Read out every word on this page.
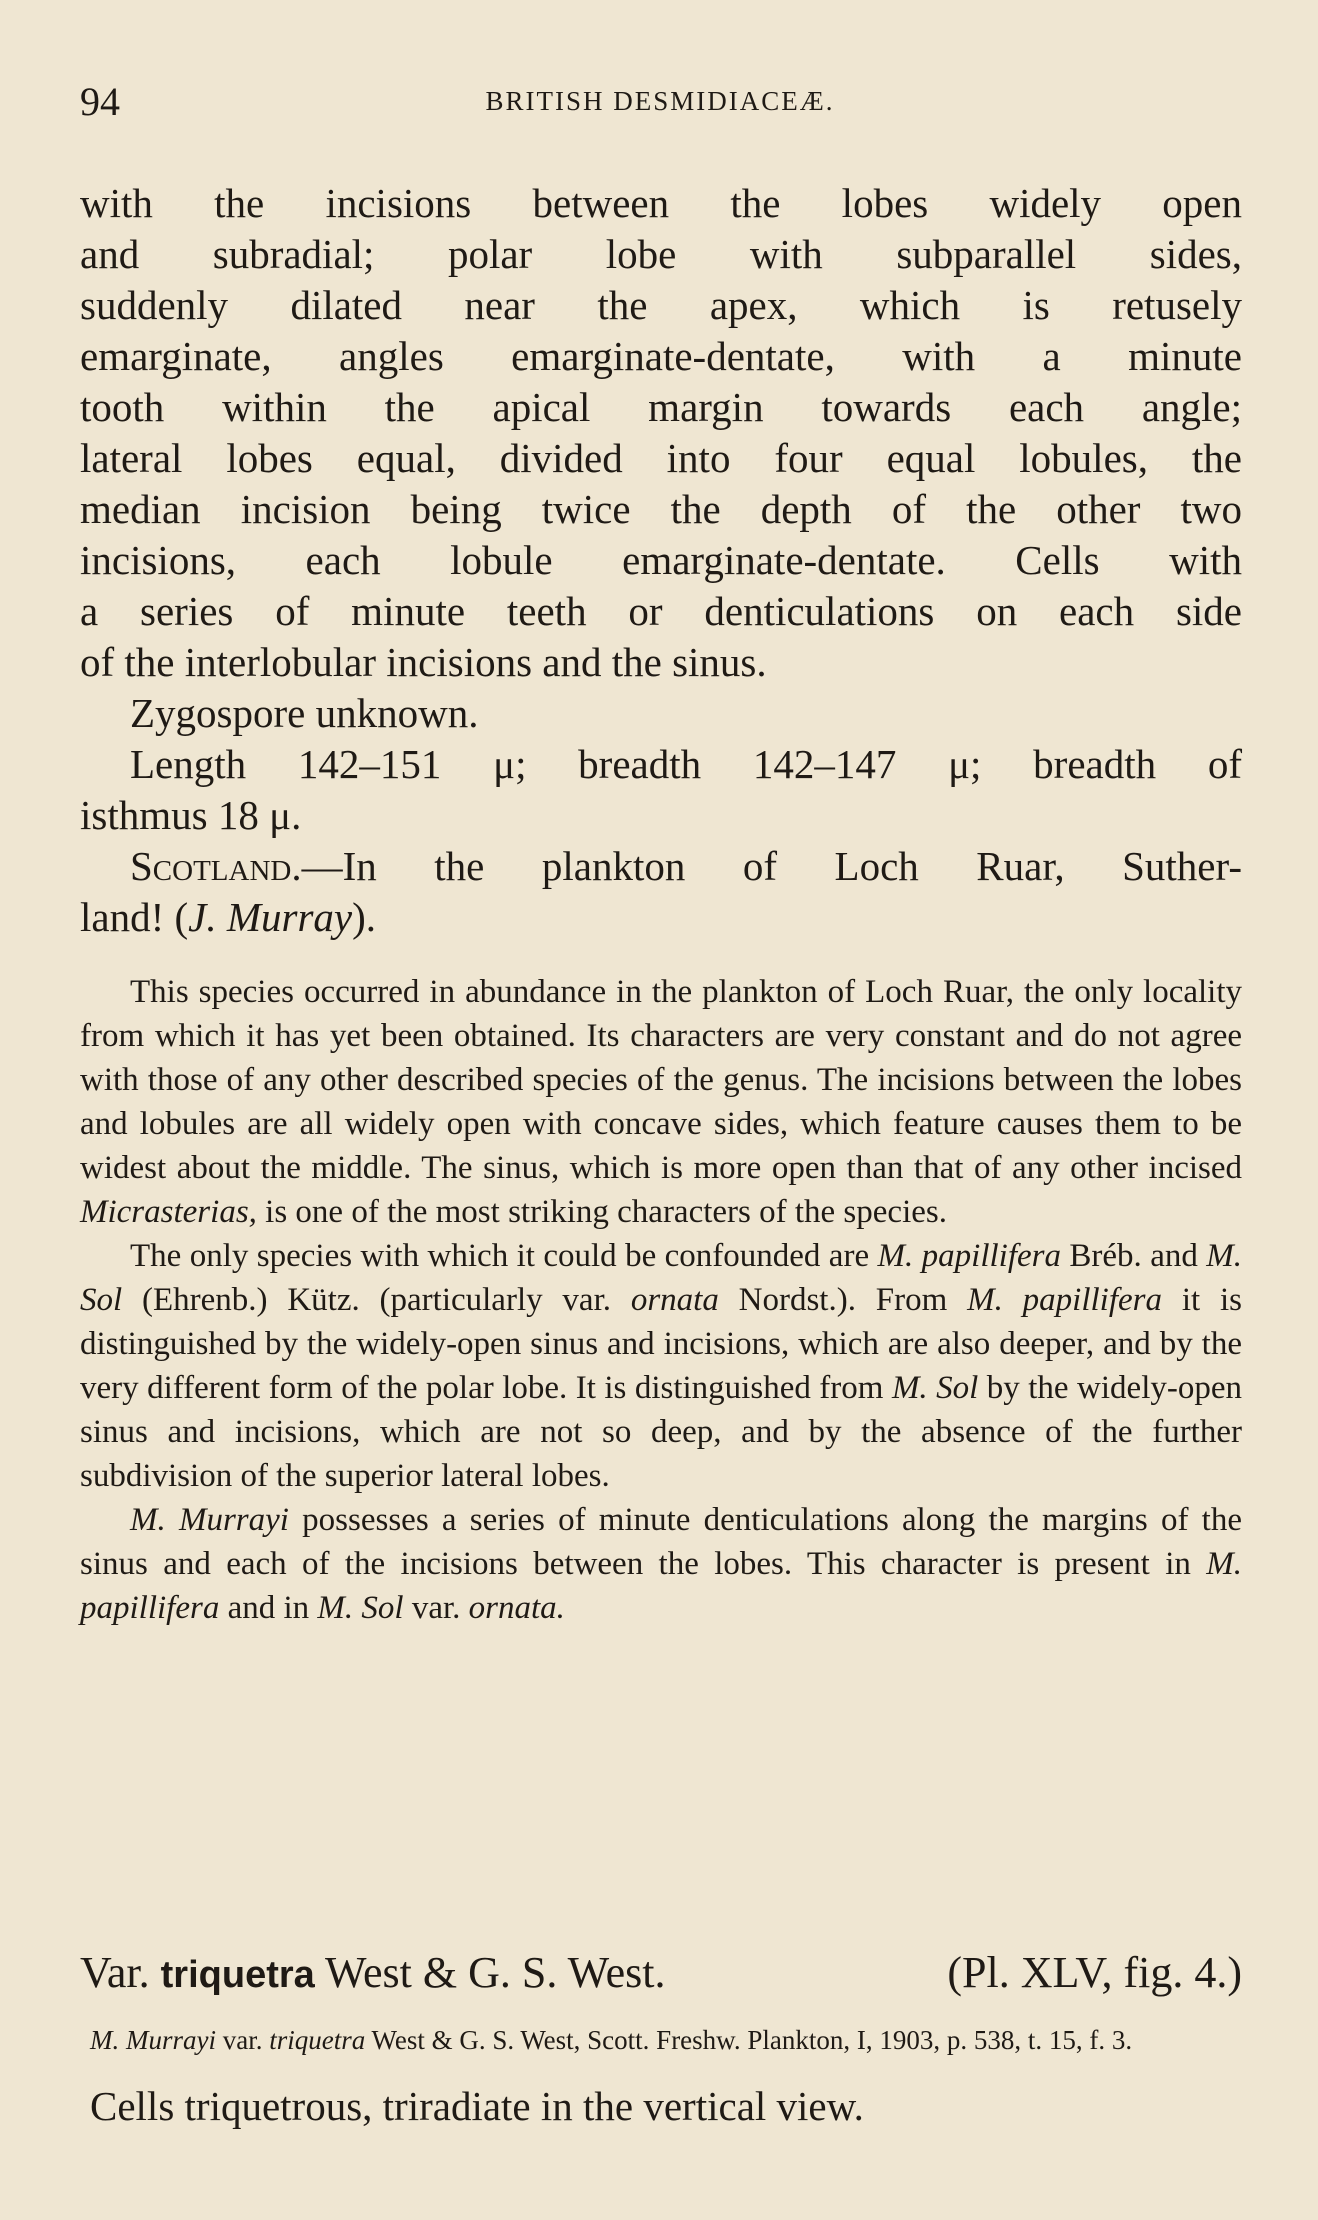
94	BRITISH DESMIDIACEÆ.
with the incisions between the lobes widely open
and subradial; polar lobe with subparallel sides,
suddenly dilated near the apex, which is retusely
emarginate, angles emarginate-dentate, with a minute
tooth within the apical margin towards each angle;
lateral lobes equal, divided into four equal lobules, the
median incision being twice the depth of the other two
incisions, each lobule emarginate-dentate. Cells with
a series of minute teeth or denticulations on each side
of the interlobular incisions and the sinus.

Zygospore unknown.

Length 142–151 μ; breadth 142–147 μ; breadth of
isthmus 18 μ.
Scotland.—In the plankton of Loch Ruar, Suther-
land! (J. Murray).

This species occurred in abundance in the plankton of Loch Ruar, the only locality from which it has yet been obtained. Its characters are very constant and do not agree with those of any other described species of the genus. The incisions between the lobes and lobules are all widely open with concave sides, which feature causes them to be widest about the middle. The sinus, which is more open than that of any other incised Micrasterias, is one of the most striking characters of the species.

The only species with which it could be confounded are M. papillifera Bréb. and M. Sol (Ehrenb.) Kütz. (particularly var. ornata Nordst.). From M. papillifera it is distinguished by the widely-open sinus and incisions, which are also deeper, and by the very different form of the polar lobe. It is distinguished from M. Sol by the widely-open sinus and incisions, which are not so deep, and by the absence of the further subdivision of the superior lateral lobes.

M. Murrayi possesses a series of minute denticulations along the margins of the sinus and each of the incisions between the lobes. This character is present in M. papillifera and in M. Sol var. ornata.

Var. triquetra West & G. S. West.	(Pl. XLV, fig. 4.)

M. Murrayi var. triquetra West & G. S. West, Scott. Freshw. Plankton, I, 1903, p. 538, t. 15, f. 3.

Cells triquetrous, triradiate in the vertical view.
